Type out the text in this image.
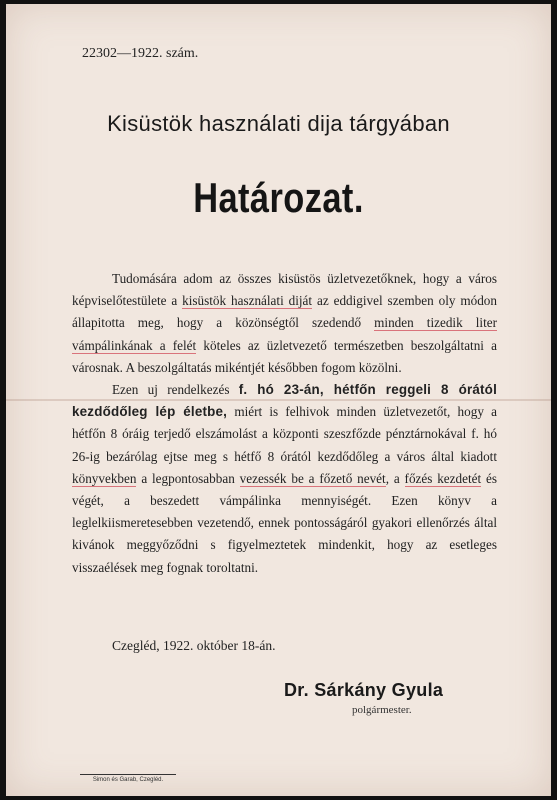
22302—1922. szám.
Kisüstök használati dija tárgyában
Határozat.

Tudomására adom az összes kisüstös üzletvezetőknek, hogy a város képviselőtestülete a kisüstök használati diját az eddigivel szemben oly módon állapitotta meg, hogy a közönségtől szedendő minden tizedik liter vámpálinkának a felét köteles az üzletvezető természetben beszolgáltatni a városnak. A beszolgáltatás mikéntjét későbben fogom közölni.

Ezen uj rendelkezés f. hó 23-án, hétfőn reggeli 8 órától kezdődőleg lép életbe, miért is felhivok minden üzletvezetőt, hogy a hétfőn 8 óráig terjedő elszámolást a központi szeszfőzde pénztárnokával f. hó 26-ig bezárólag ejtse meg s hétfő 8 órától kezdődőleg a város által kiadott könyvekben a legpontosabban vezessék be a főzető nevét, a főzés kezdetét és végét, a beszedett vámpálinka mennyiségét. Ezen könyv a leglelkiismeretesebben vezetendő, ennek pontosságáról gyakori ellenőrzés által kivánok meggyőződni s figyelmeztetek mindenkit, hogy az esetleges visszaélések meg fognak toroltatni.

Czegléd, 1922. október 18-án.
Dr. Sárkány Gyula
polgármester.
Simon és Garab, Czegléd.
